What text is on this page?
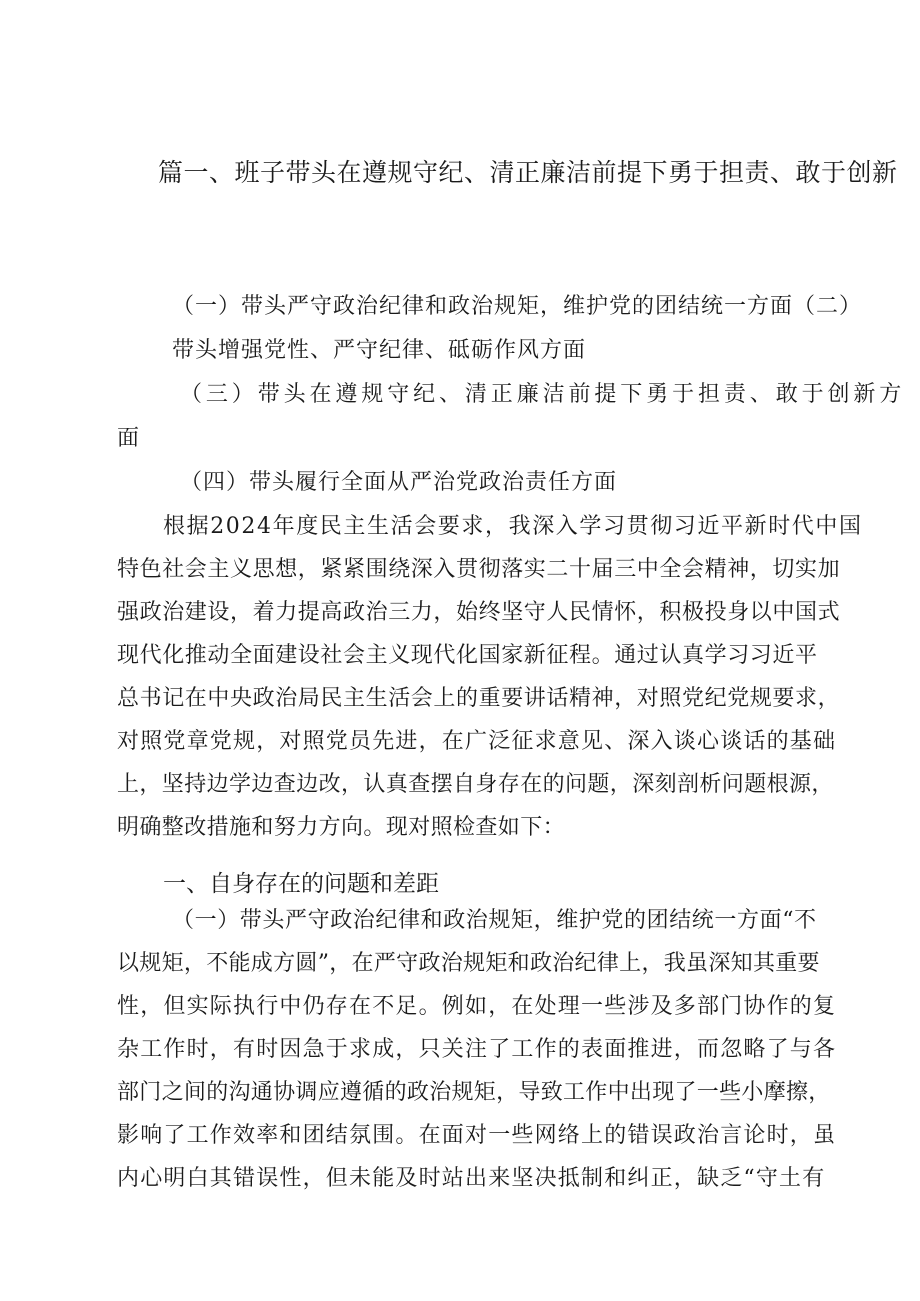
篇一、班子带头在遵规守纪、清正廉洁前提下勇于担责、敢于创新
（一）带头严守政治纪律和政治规矩，维护党的团结统一方面（二）
带头增强党性、严守纪律、砥砺作风方面
（三）带头在遵规守纪、清正廉洁前提下勇于担责、敢于创新方
面
（四）带头履行全面从严治党政治责任方面
根据2024年度民主生活会要求，我深入学习贯彻习近平新时代中国
特色社会主义思想，紧紧围绕深入贯彻落实二十届三中全会精神，切实加
强政治建设，着力提高政治三力，始终坚守人民情怀，积极投身以中国式
现代化推动全面建设社会主义现代化国家新征程。通过认真学习习近平
总书记在中央政治局民主生活会上的重要讲话精神，对照党纪党规要求，
对照党章党规，对照党员先进，在广泛征求意见、深入谈心谈话的基础
上，坚持边学边查边改，认真查摆自身存在的问题，深刻剖析问题根源，
明确整改措施和努力方向。现对照检查如下：
一、自身存在的问题和差距
（一）带头严守政治纪律和政治规矩，维护党的团结统一方面“不
以规矩，不能成方圆”，在严守政治规矩和政治纪律上，我虽深知其重要
性，但实际执行中仍存在不足。例如，在处理一些涉及多部门协作的复
杂工作时，有时因急于求成，只关注了工作的表面推进，而忽略了与各
部门之间的沟通协调应遵循的政治规矩，导致工作中出现了一些小摩擦，
影响了工作效率和团结氛围。在面对一些网络上的错误政治言论时，虽
内心明白其错误性，但未能及时站出来坚决抵制和纠正，缺乏“守土有
